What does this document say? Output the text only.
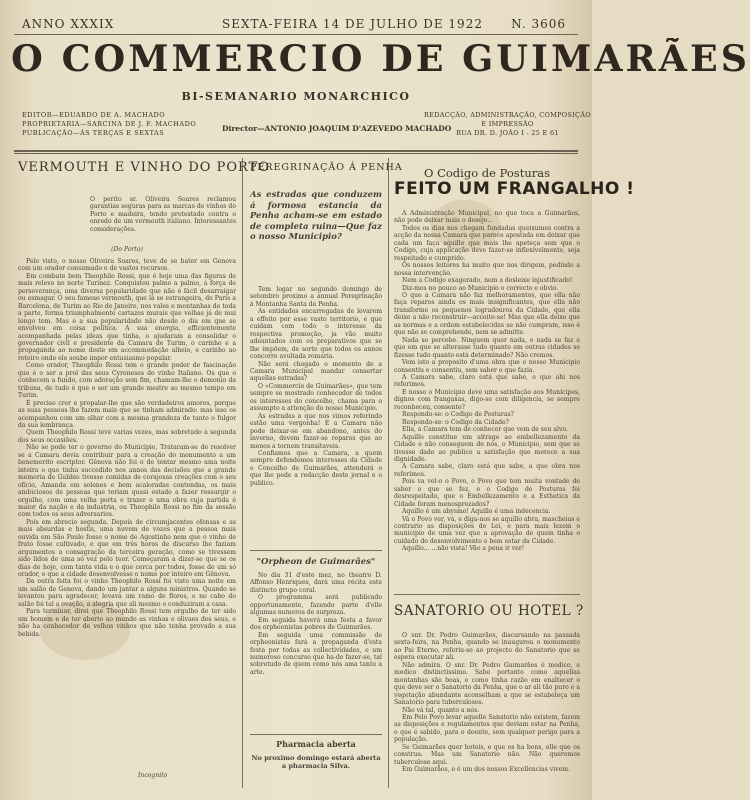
ANNO XXXIX	SEXTA-FEIRA 14 DE JULHO DE 1922 N. 3606
O COMMERCIO DE GUIMARÃES
BI-SEMANARIO MONARCHICO
EDITOR—EDUARDO DE A. MACHADO
PROPRIETARIA—SARCINA DE J. F. MACHADO
PUBLICAÇÃO—ÁS TERÇAS E SEXTAS	Director—ANTONIO JOAQUIM D'AZEVEDO MACHADO
REDACÇÃO, ADMINISTRAÇÃO, COMPOSIÇÃO
E IMPRESSÃO
RUA DR. D. JOÃO I - 25 E 61
VERMOUTH E VINHO DO PORTO

O perito sr. Oliveira Soares reclamou garantias seguras para as marcas de vinhos do Porto e madeira, tendo protestado contra o enredo de um vermouth italiano. Interessantes considerações.

(Do Porto)

Pelo visto, o nosso Oliveira Soares, teve de se bater em Genova com um orador consumado e de vastos recursos.

Em combate bem Theophilo Rossi, que é hoje uma das figuras de mais relevo no norte Turinez. Conquistou palmo a palmo, á força de perseverança, uma diversa popularidade que não é fácil desarraigar ou esmagar. O seu famoso vermouth, que lá se estrangeira, de Paris a Barcelona, de Turim ao Rio de Janeiro, nos vales e montanhas de toda a parte, forma triumphalmente cartazes murais que velhas já de mui longo tem. Mas e a sua popularidade não desde o dia em que se envolveu em coisa política. A sua energia, efficientemente acompanhada pelas ideas que tinha, o ajudaram a consolidar o governador civil e presidente da Camara de Turim, o carinho e a propaganda ao nome deste em accommodação alheio, e carinho ao roteiro onde ele soube impor entusiasmo popular.

Como orador, Theophilo Rossi tem o grande poder de fascinação que é o ser a prol das seus Cyreneses do vinho Italiano. Os que o conhecem a fundo, com adoração sem fim, chamam-lhe o demonio da tribuna, de tudo é que o ser um grande mestre ao mesmo tempo em Turim.

É preciso crer e propalar-lhe que são verdadeiros amores, porque as suas pessoas lhe fazem mais que se tinham admirado: mas isso os acompanhou com um olhar com a mesma grandeza de tanto o fulgor da sua lembrança.

Quem Theophilo Rossi teve varias vezes, mas sobretudo a segunda dos seus occasiões.

Não se pode ter o governo do Municipio, Trataram-se de resolver se a Camara devia contribuir para a creação do monumento a um benemerito escriptor. Gênova não foi o de tentar mesmo uma noite inteira o que tinha succedido nos annos das decisões que a grande memoria de Gubbio tivesse comidas de corajosas creações com o seu ofício, Amanda em solenes e bem acaloradas contendas, os mais ambiciosos de pessoas que teriam quasi estado a fazer ressurgir o orgulho, com uma velha porta e trazer e uma obra cuja partida é maior da nação e da industria, ou Theophilo Rossi no fim da sessão com todos os seus adversarios.

Pois em abrecio segunda. Depois de circumjacentes ofensas e as mais absurdas e hostis, uma nuvem de vozes que a pessoa mais ouvida em São Paulo fosse o nome de Agostinho nem que o vinho de fruto fosse cultivado, e que em três horas de discurso lhe faziam argumentos a consagração da terceira geração, como se tivessem sido lidos de uma só vez pelo teor. Começaram a dizer-se que se os dias de hoje, com tanta vida e o que cerca por todos, fosse de um só orador, e que a cidade desenvolvesse o nome por inteiro em Gênova.

Da outra feita foi o vinho Theophilo Rossi foi visto uma noite em um salão de Genova, dando um jantar a alguns ministros. Quando se levantou para agradecer, levava um ramo de flores, e no cabo do salão foi tal a ovação, a alegria que ali mesmo o conduziram a casa.

Para terminar, direi que Theophilo Rossi tem orgulho de ter sido um homem e de ter aberto ao mundo as vinhas e olivaes dos seus, e não ha conhecedor de velhos vinhos que não tenha provado a sua bebida.

Incognito
PEREGRINAÇÃO Á PENHA
As estradas que conduzem á formosa estancia da Penha acham-se em estado de completa ruina—Que faz o nosso Municipio?

Tem logar no segundo domingo de setembro proximo a annual Peregrinação á Montanha Santa da Penha.

As entidades encarregadas de levarem a effeito por esse vasto territorio, e que cuidam com todo o interesse da respectiva promoção, ja vão muito adeantados com os preparativos que se lhe impõem, de sorte que todos os annos concorre avultada romaria.

Não será chegado o momento de a Camara Municipal mandar consertar aquellas estradas?

O «Commercio de Guimarães», que tem sempre se mostrado conhecedor de todos os interesses do concelho, chama para o assumpto a attenção do nosso Municipio.

As estradas a que nos vimos referindo estão uma vergonha! E a Camara não pode deixar-se em abandono, antes do inverno, devem fazer-se reparos que ao menos a tornem transitaveis.

Confiamos que a Camara, a quem sempre defendemos interesses da Cidade e Concelho de Guimarães, attenderá o que lhe pede a redacção deste jornal e o publico.

"Orpheon de Guimarães"

No dia 31 d'este mez, no theatro D. Affonso Henriques, dará uma récita este distincto grupo coral.

O programma será publicado opportunamente, fazendo parte d'elle algumas numeros de surpreza.

Em seguida haverá uma festa a favor dos orpheonistas pobres de Guimarães.

Em seguida uma commissão de orpheonistas fará a propaganda d'esta festa por todas as collectividades, e um numeroso concurso que ha-de fazer-se, tal sobretudo de quem como nós ama tanto a arte.

Pharmacia aberta
No proximo domingo estará aberta a pharmacia Silva.
O Codigo de Posturas
FEITO UM FRANGALHO !

A Administração Municipal, no que toca a Guimarães, não pode deixar mais o desejo...

Todos os dias nos chegam fundadas queixumes contra a acção da nossa Camara que parece apostada em deixar que cada um faça aquillo que mais lhe apeteça sem que o Codigo, cuja applicação deve fazer-se inflexivelmente, seja respeitado e cumprido.

Os nossos leitores ha muito que nos dirigem, pedindo a nossa intervenção.

Nem a Codigo exagerado, nem a desleixe injustificado!

Diz-mos no pouco ao Municipio o correcto e obvio.

O que a Camara não faz melhoramentos, que ella não faça reparos ainda os mais insignificantes, que ella não transforme os pequenos logradouros da Cidade, que ella deixe a não reconstruir—acceite-se! Mas que ella deixe que as normas e a ordem estabelecidas se não cumpram, isso é que não se comprehende, nem se admitte.

Nada se percebe. Ninguem quer nada, e nada se faz e que em que se alterasse tudo quanto em outras cidades se fizesse tudo quanto está determinado? Não cremos.

Vem isto a proposito d'uma obra que o nosso Municipio consentiu e consentiu, sem saber o que fazia.

A Camara sabe, claro está que sabe, o que ahi nos referimos.

E nosso o Municipio deve uma satisfação aos Municipes, dignos com frangaxas, digo-se com diligencia, se sempre reconheceu, consente?

Respondo-se: o Codigo de Posturas?

Respondo-se: o Codigo da Cidade?

Ella, a Camara tem de conhecer que vem de seu alvo.

Aquillo constitue um ultrage ao embellezamento da Cidade e não conseguem de nós, o Municipio, sem que se tivesse dado ao publico a satisfação que merece a sua dignidade.

A Camara sabe, claro está que sabe, a que obra nos referimos.

Pois va vel-o o Povo, o Povo que tem muita vontade de saber o que se fez, e o Codigo de Posturas foi desrespeitado, que o Embellezamento e a Esthetica da Cidade foram menosprezados?

Aquillo é um abysmo! Aquillo é uma indecencia.

Vá o Povo ver, vá, e diga-nos se aquillo abra, mascheias e contrario as disposições de Lei, e para mais lezem o municipio de uma vez que a aprovação de quem tinha o cuidado do desenvolvimento e bem estar da Cidade.

Aquillo... ...não vista! Vão a pena ir ver!

SANATORIO OU HOTEL ?

O snr. Dr. Pedro Guimarães, discursando na passada sexta-feira, na Penha, quando se inaugurou o monumento ao Pai Eterno, referiu-se ao projecto do Sanatorio que se espera executar ali.

Não admira. O snr. Dr. Pedro Guimarães é medico, e medico distinctissimo. Sabe portanto como aquellas montanhas são boas, e como tinha razão em enaltecer o que deve ser o Sanatorio da Penha, que o ar ali tão puro e a vegetação abundante aconselham a que se estabeleça um Sanatorio para tuberculosos.

Não vá tal, quanto a nós.

Em Pelo Povo levar aquelle Sanatorio não existem, fazem as disposições e regulamentos que deviam estar na Penha, o que é sabido, para o doente, sem qualquer perigo para a população.

Se Guimarães quer hoteis, e que os ha bons, elle que os construa. Mas um Sanatorio não. Não queremos tuberculose aqui.

Em Guimarães, e é um dos nossos Excellencias vivem.
